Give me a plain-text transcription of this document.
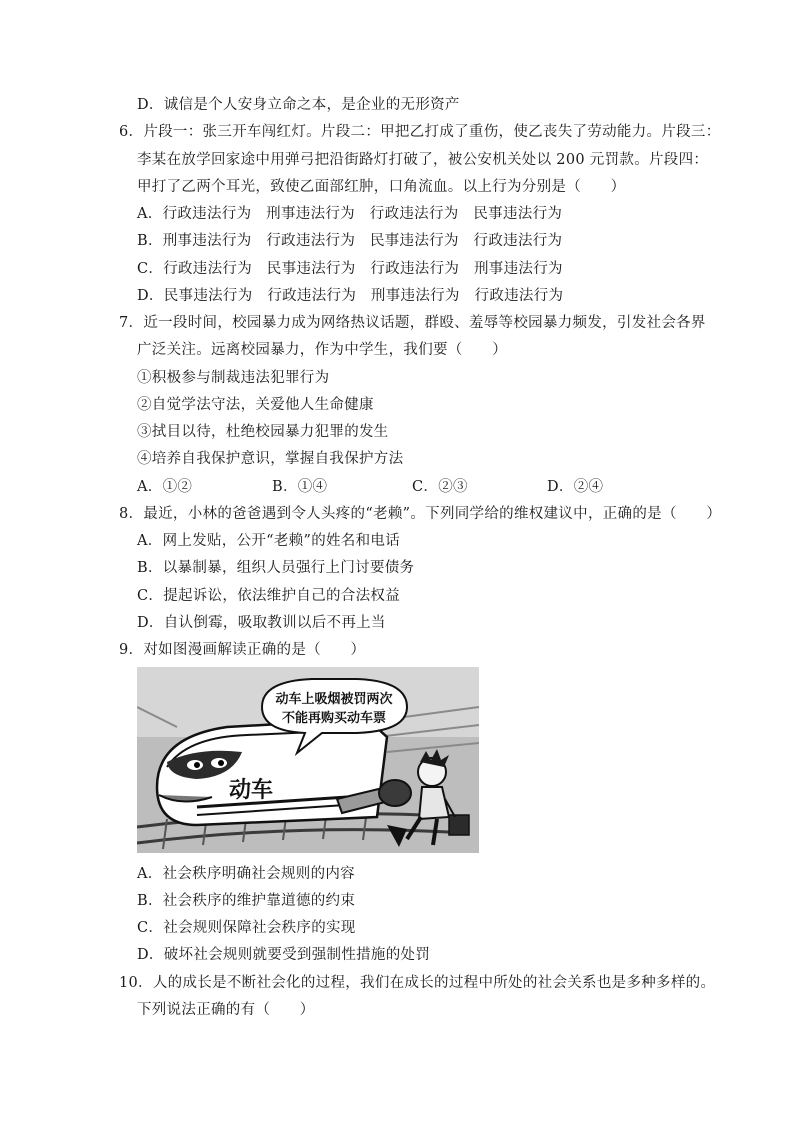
D．诚信是个人安身立命之本，是企业的无形资产
6．片段一：张三开车闯红灯。片段二：甲把乙打成了重伤，使乙丧失了劳动能力。片段三：
李某在放学回家途中用弹弓把沿街路灯打破了，被公安机关处以 200 元罚款。片段四：
甲打了乙两个耳光，致使乙面部红肿，口角流血。以上行为分别是（　　）
A．行政违法行为　刑事违法行为　行政违法行为　民事违法行为
B．刑事违法行为　行政违法行为　民事违法行为　行政违法行为
C．行政违法行为　民事违法行为　行政违法行为　刑事违法行为
D．民事违法行为　行政违法行为　刑事违法行为　行政违法行为
7．近一段时间，校园暴力成为网络热议话题，群殴、羞辱等校园暴力频发，引发社会各界
广泛关注。远离校园暴力，作为中学生，我们要（　　）
①积极参与制裁违法犯罪行为
②自觉学法守法，关爱他人生命健康
③拭目以待，杜绝校园暴力犯罪的发生
④培养自我保护意识，掌握自我保护方法
A．①②	B．①④	C．②③	D．②④
8．最近，小林的爸爸遇到令人头疼的“老赖”。下列同学给的维权建议中，正确的是（　　）
A．网上发贴，公开“老赖”的姓名和电话
B．以暴制暴，组织人员强行上门讨要债务
C．提起诉讼，依法维护自己的合法权益
D．自认倒霉，吸取教训以后不再上当
9．对如图漫画解读正确的是（　　）
动车
动车上吸烟被罚两次
不能再购买动车票
A．社会秩序明确社会规则的内容
B．社会秩序的维护靠道德的约束
C．社会规则保障社会秩序的实现
D．破坏社会规则就要受到强制性措施的处罚
10．人的成长是不断社会化的过程，我们在成长的过程中所处的社会关系也是多种多样的。
下列说法正确的有（　　）
